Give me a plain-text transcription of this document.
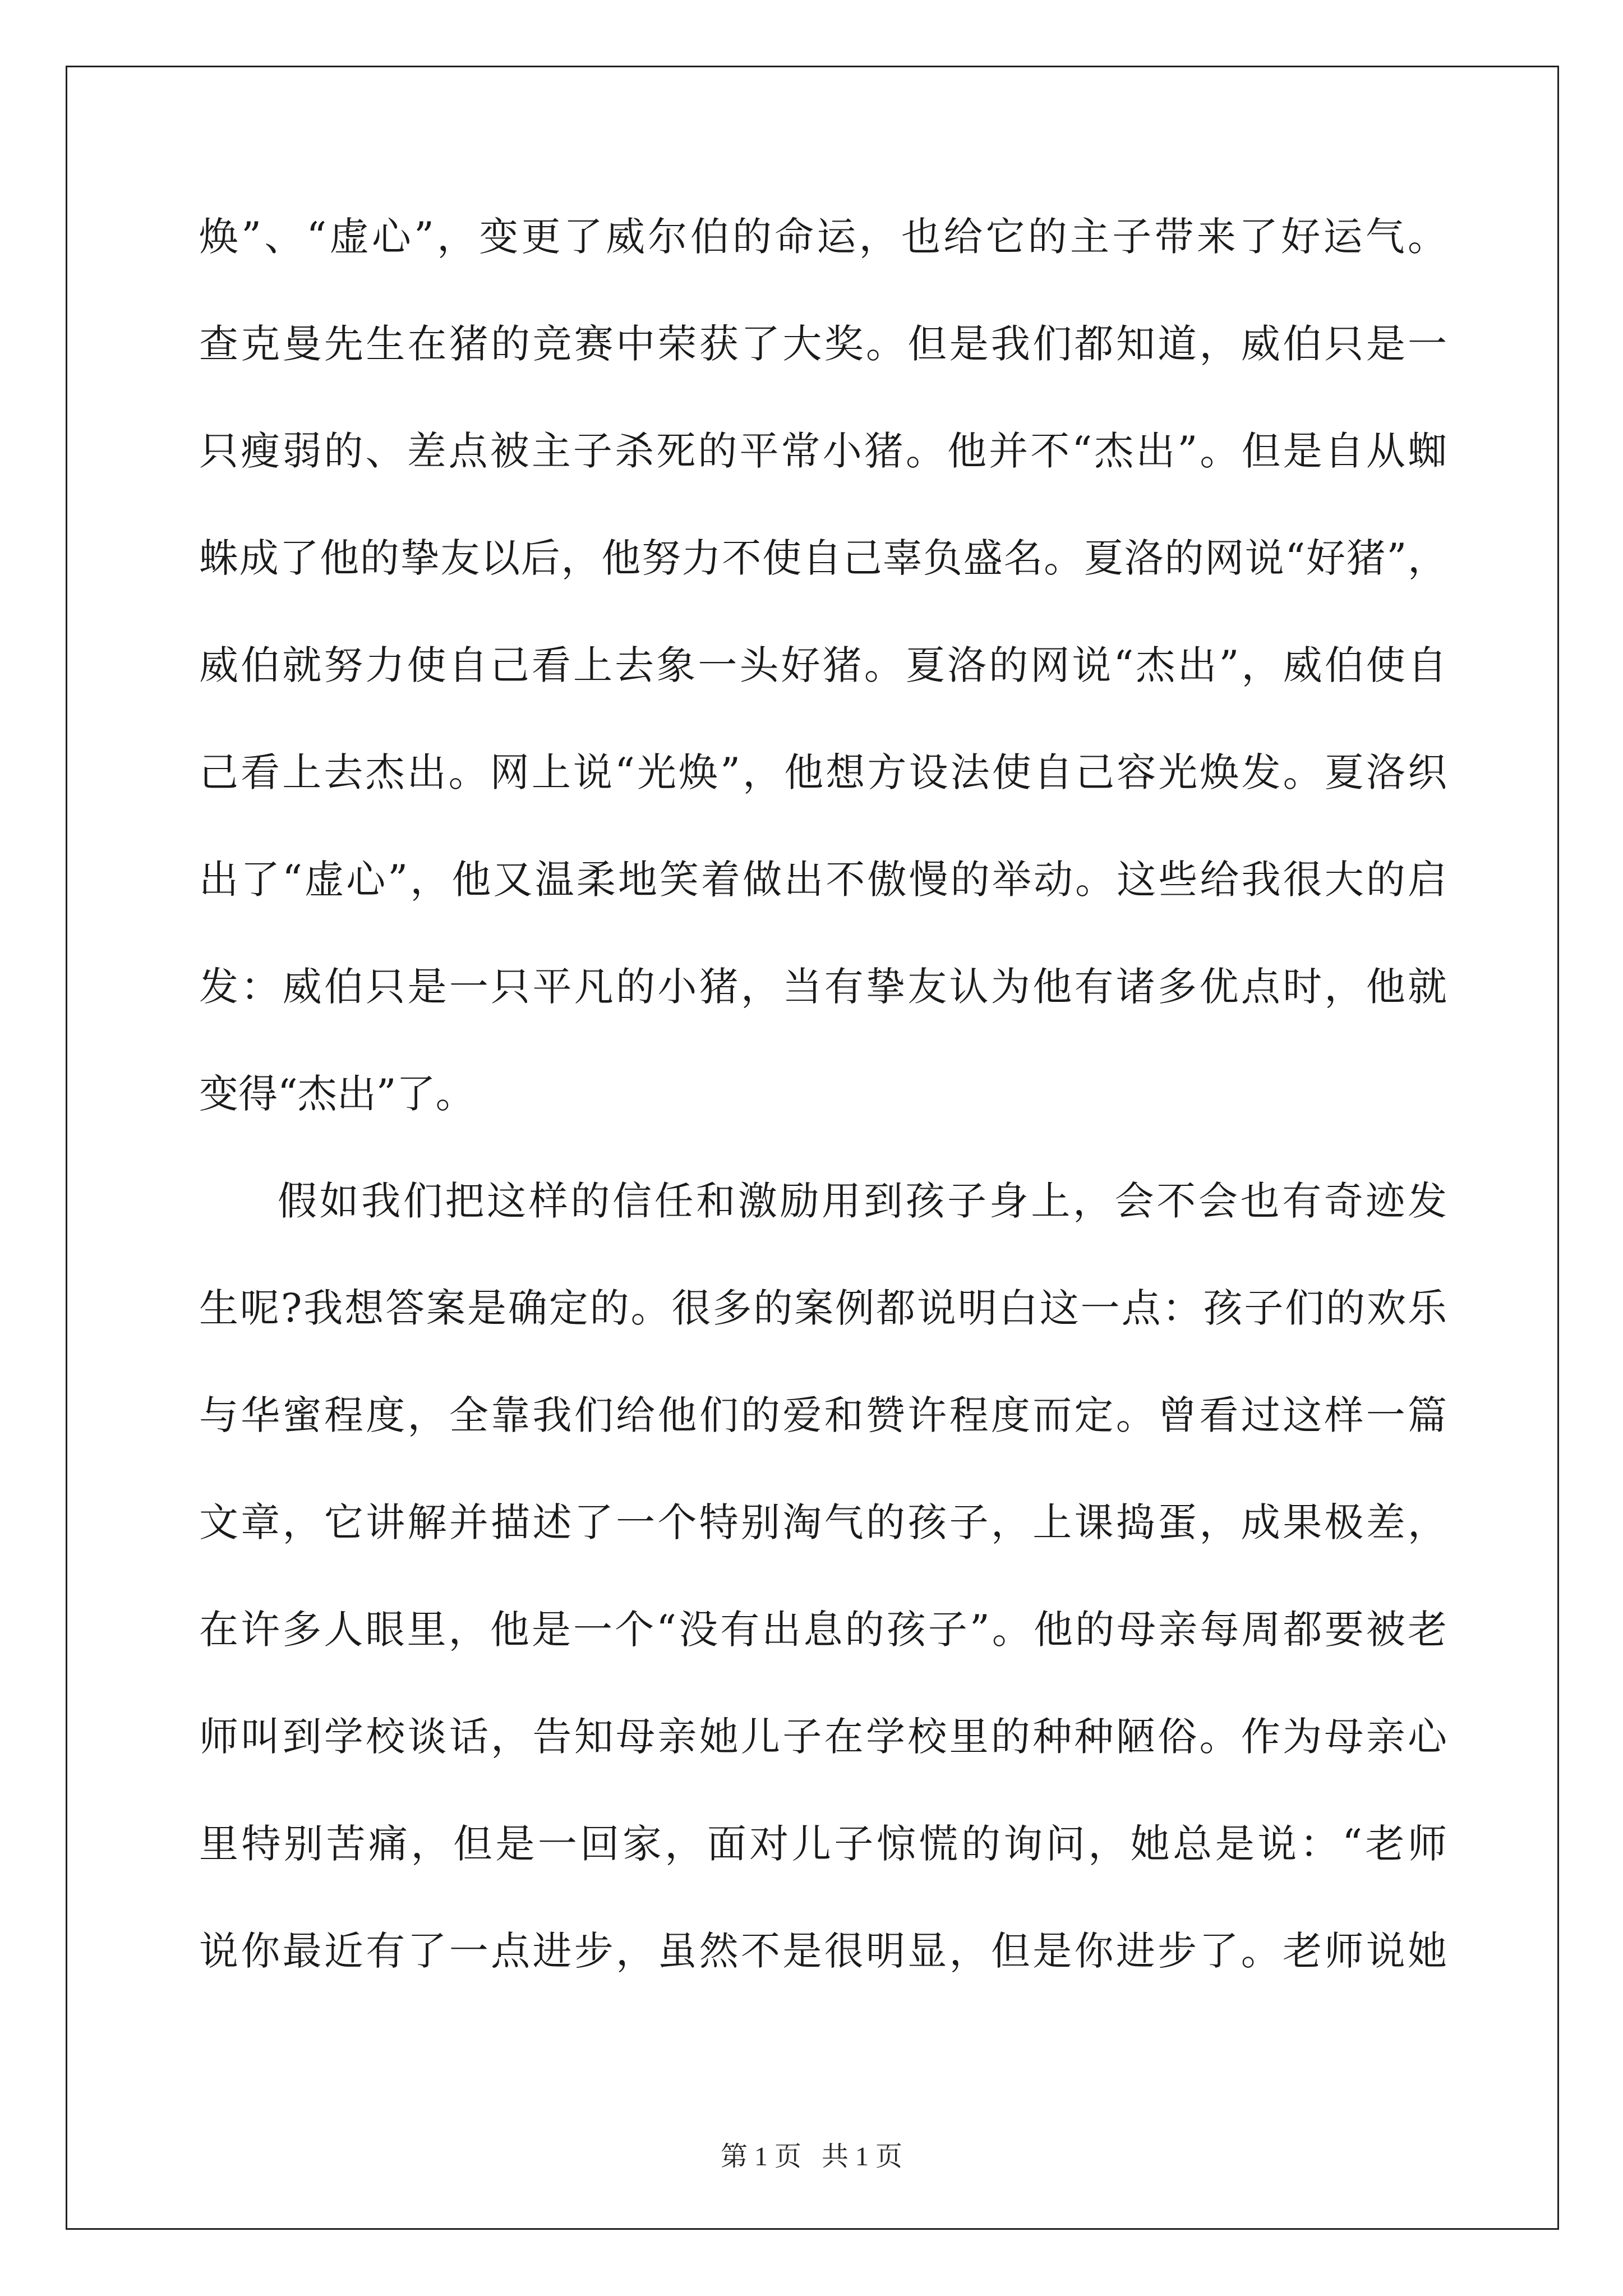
焕”、“虚心”，变更了威尔伯的命运，也给它的主子带来了好运气。
查克曼先生在猪的竞赛中荣获了大奖。但是我们都知道，威伯只是一
只瘦弱的、差点被主子杀死的平常小猪。他并不“杰出”。但是自从蜘
蛛成了他的挚友以后，他努力不使自己辜负盛名。夏洛的网说“好猪”，
威伯就努力使自己看上去象一头好猪。夏洛的网说“杰出”，威伯使自
己看上去杰出。网上说“光焕”，他想方设法使自己容光焕发。夏洛织
出了“虚心”，他又温柔地笑着做出不傲慢的举动。这些给我很大的启
发：威伯只是一只平凡的小猪，当有挚友认为他有诸多优点时，他就
变得“杰出”了。
假如我们把这样的信任和激励用到孩子身上，会不会也有奇迹发
生呢?我想答案是确定的。很多的案例都说明白这一点：孩子们的欢乐
与华蜜程度，全靠我们给他们的爱和赞许程度而定。曾看过这样一篇
文章，它讲解并描述了一个特别淘气的孩子，上课捣蛋，成果极差，
在许多人眼里，他是一个“没有出息的孩子”。他的母亲每周都要被老
师叫到学校谈话，告知母亲她儿子在学校里的种种陋俗。作为母亲心
里特别苦痛，但是一回家，面对儿子惊慌的询问，她总是说：“老师
说你最近有了一点进步，虽然不是很明显，但是你进步了。老师说她
第 1 页   共 1 页
